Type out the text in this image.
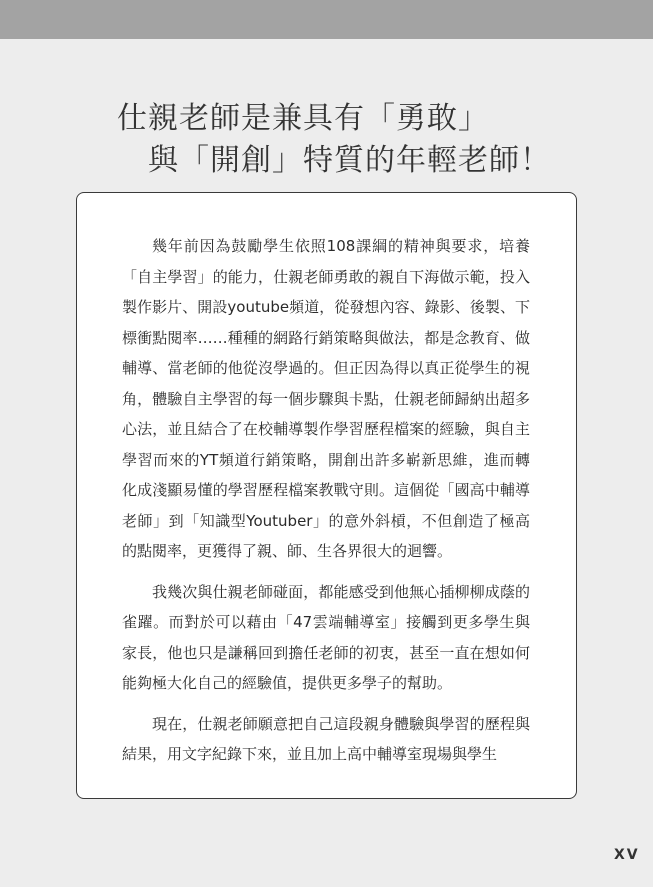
仕親老師是兼具有「勇敢」
與「開創」特質的年輕老師！

幾年前因為鼓勵學生依照108課綱的精神與要求，培養「自主學習」的能力，仕親老師勇敢的親自下海做示範，投入製作影片、開設youtube頻道，從發想內容、錄影、後製、下標衝點閱率……種種的網路行銷策略與做法，都是念教育、做輔導、當老師的他從沒學過的。但正因為得以真正從學生的視角，體驗自主學習的每一個步驟與卡點，仕親老師歸納出超多心法，並且結合了在校輔導製作學習歷程檔案的經驗，與自主學習而來的YT頻道行銷策略，開創出許多嶄新思維，進而轉化成淺顯易懂的學習歷程檔案教戰守則。這個從「國高中輔導老師」到「知識型Youtuber」的意外斜槓，不但創造了極高的點閱率，更獲得了親、師、生各界很大的迴響。

我幾次與仕親老師碰面，都能感受到他無心插柳柳成蔭的雀躍。而對於可以藉由「47雲端輔導室」接觸到更多學生與家長，他也只是謙稱回到擔任老師的初衷，甚至一直在想如何能夠極大化自己的經驗值，提供更多學子的幫助。

現在，仕親老師願意把自己這段親身體驗與學習的歷程與結果，用文字紀錄下來，並且加上高中輔導室現場與學生

XV
